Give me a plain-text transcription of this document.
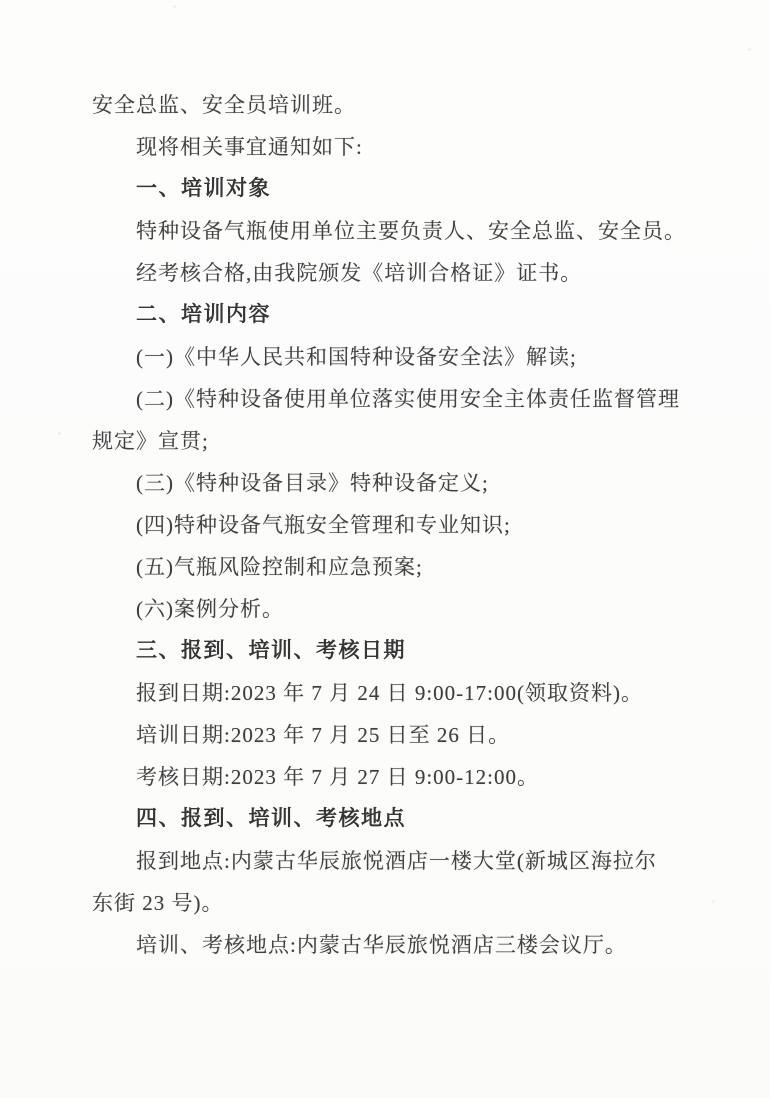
安全总监、安全员培训班。
现将相关事宜通知如下:
一、培训对象
特种设备气瓶使用单位主要负责人、安全总监、安全员。
经考核合格,由我院颁发《培训合格证》证书。
二、培训内容
(一)《中华人民共和国特种设备安全法》解读;
(二)《特种设备使用单位落实使用安全主体责任监督管理
规定》宣贯;
(三)《特种设备目录》特种设备定义;
(四)特种设备气瓶安全管理和专业知识;
(五)气瓶风险控制和应急预案;
(六)案例分析。
三、报到、培训、考核日期
报到日期:2023 年 7 月 24 日 9:00-17:00(领取资料)。
培训日期:2023 年 7 月 25 日至 26 日。
考核日期:2023 年 7 月 27 日 9:00-12:00。
四、报到、培训、考核地点
报到地点:内蒙古华辰旅悦酒店一楼大堂(新城区海拉尔
东街 23 号)。
培训、考核地点:内蒙古华辰旅悦酒店三楼会议厅。
